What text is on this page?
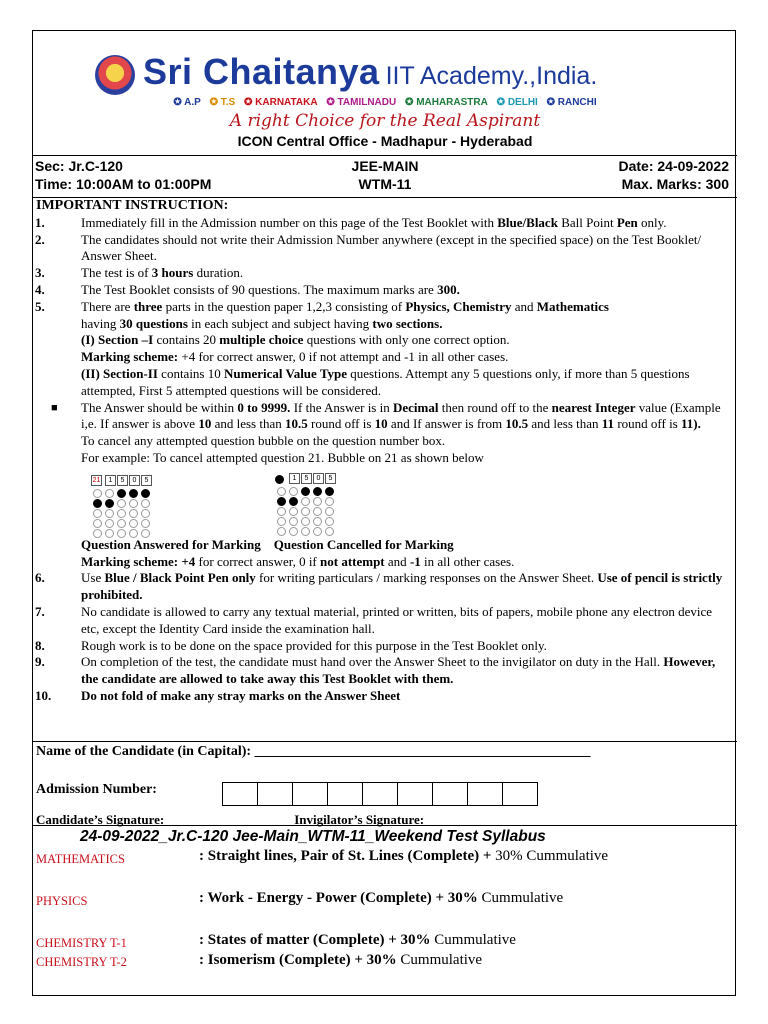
Sri Chaitanya IIT Academy.,India.
✪ A.P ✪ T.S ✪ KARNATAKA ✪ TAMILNADU ✪ MAHARASTRA ✪ DELHI ✪ RANCHI
A right Choice for the Real Aspirant
ICON Central Office - Madhapur - Hyderabad
Sec: Jr.C-120	JEE-MAIN	Date: 24-09-2022
Time: 10:00AM to 01:00PM	WTM-11	Max. Marks: 300
IMPORTANT INSTRUCTION:
1.	Immediately fill in the Admission number on this page of the Test Booklet with Blue/Black Ball Point Pen only.
2.	The candidates should not write their Admission Number anywhere (except in the specified space) on the Test Booklet/ Answer Sheet.
3.	The test is of 3 hours duration.
4.	The Test Booklet consists of 90 questions. The maximum marks are 300.
5.	There are three parts in the question paper 1,2,3 consisting of Physics, Chemistry and Mathematics
having 30 questions in each subject and subject having two sections.
(I) Section –I contains 20 multiple choice questions with only one correct option.
Marking scheme: +4 for correct answer, 0 if not attempt and -1 in all other cases.
(II) Section-II contains 10 Numerical Value Type questions. Attempt any 5 questions only, if more than 5 questions attempted, First 5 attempted questions will be considered.
■ The Answer should be within 0 to 9999. If the Answer is in Decimal then round off to the nearest Integer value (Example i,e. If answer is above 10 and less than 10.5 round off is 10 and If answer is from 10.5 and less than 11 round off is 11).
To cancel any attempted question bubble on the question number box.
For example: To cancel attempted question 21. Bubble on 21 as shown below
21	1	5	0	5	1	5	0	5
Question Answered for Marking Question Cancelled for Marking
Marking scheme: +4 for correct answer, 0 if not attempt and -1 in all other cases.
6.	Use Blue / Black Point Pen only for writing particulars / marking responses on the Answer Sheet. Use of pencil is strictly prohibited.
7.	No candidate is allowed to carry any textual material, printed or written, bits of papers, mobile phone any electron device etc, except the Identity Card inside the examination hall.
8.	Rough work is to be done on the space provided for this purpose in the Test Booklet only.
9.	On completion of the test, the candidate must hand over the Answer Sheet to the invigilator on duty in the Hall. However, the candidate are allowed to take away this Test Booklet with them.
10. Do not fold of make any stray marks on the Answer Sheet
Name of the Candidate (in Capital): ________________________________________________
Admission Number:
Candidate’s Signature: ___________________ Invigilator’s Signature: ____________________
24-09-2022_Jr.C-120 Jee-Main_WTM-11_Weekend Test Syllabus
MATHEMATICS	: Straight lines, Pair of St. Lines (Complete) + 30% Cummulative
PHYSICS	: Work - Energy - Power (Complete) + 30% Cummulative
CHEMISTRY T-1	: States of matter (Complete) + 30% Cummulative
CHEMISTRY T-2	: Isomerism (Complete) + 30% Cummulative
